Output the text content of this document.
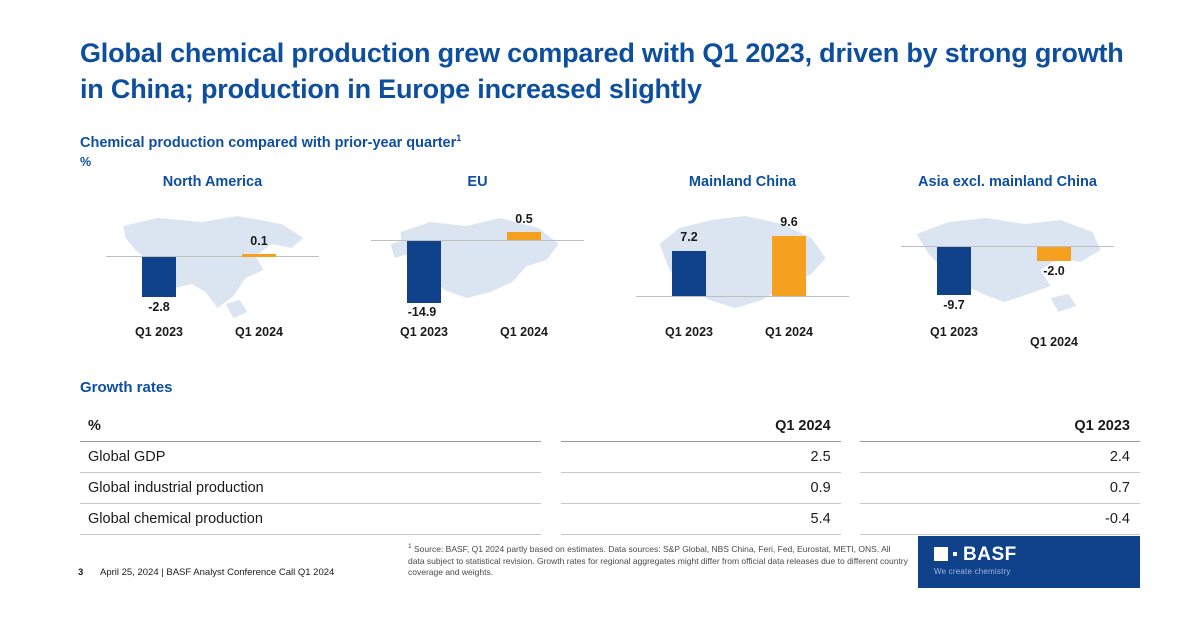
Global chemical production grew compared with Q1 2023, driven by strong growth in China; production in Europe increased slightly
Chemical production compared with prior-year quarter$^1$
%
North America
-2.8
0.1
Q1 2023	Q1 2024
EU
-14.9
0.5
Q1 2023	Q1 2024
Mainland China
7.2
9.6
Q1 2023	Q1 2024
Asia excl. mainland China
-9.7
-2.0
Q1 2023
Q1 2024
Growth rates
%		Q1 2024		Q1 2023
Global GDP		2.5		2.4
Global industrial production		0.9		0.7
Global chemical production		5.4		-0.4
$^1$ Source: BASF, Q1 2024 partly based on estimates. Data sources: S&P Global, NBS China, Feri, Fed, Eurostat, METI, ONS. All data subject to statistical revision. Growth rates for regional aggregates might differ from official data releases due to different country coverage and weights.
3 April 25, 2024 | BASF Analyst Conference Call Q1 2024
BASF
We create chemistry
